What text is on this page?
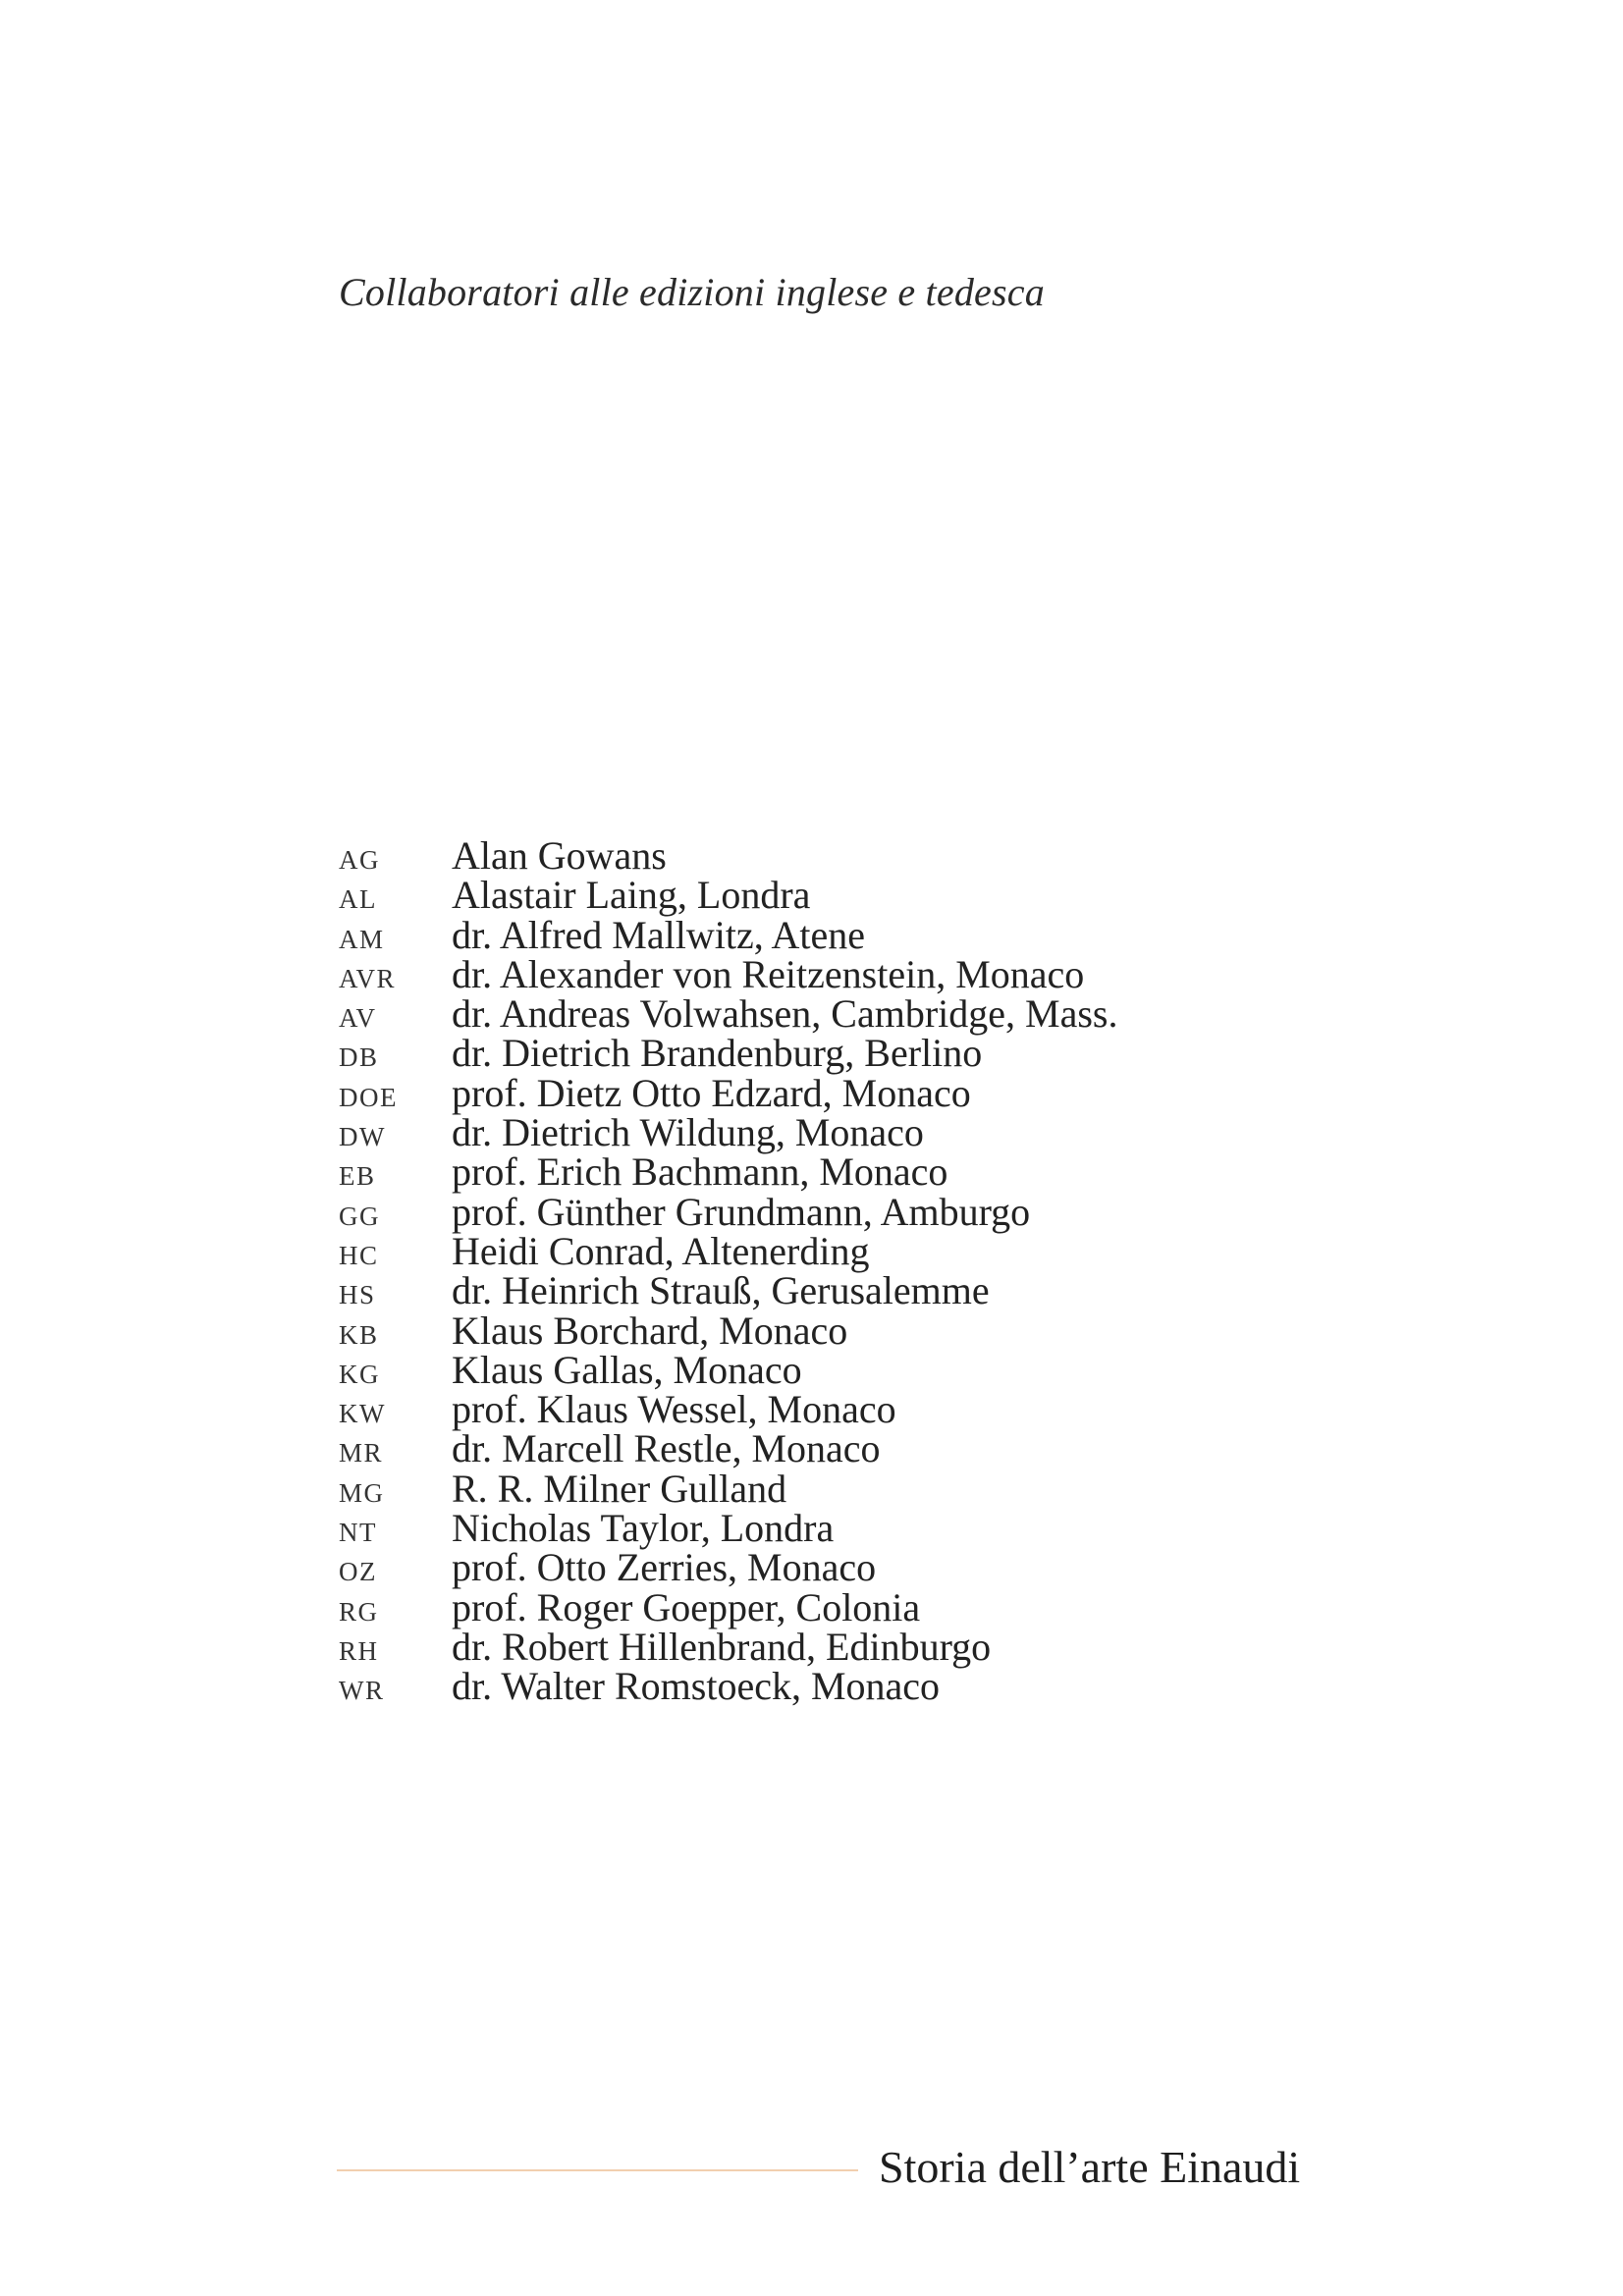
Collaboratori alle edizioni inglese e tedesca
AG	Alan Gowans
AL	Alastair Laing, Londra
AM	dr. Alfred Mallwitz, Atene
AVR	dr. Alexander von Reitzenstein, Monaco
AV	dr. Andreas Volwahsen, Cambridge, Mass.
DB	dr. Dietrich Brandenburg, Berlino
DOE	prof. Dietz Otto Edzard, Monaco
DW	dr. Dietrich Wildung, Monaco
EB	prof. Erich Bachmann, Monaco
GG	prof. Günther Grundmann, Amburgo
HC	Heidi Conrad, Altenerding
HS	dr. Heinrich Strauß, Gerusalemme
KB	Klaus Borchard, Monaco
KG	Klaus Gallas, Monaco
KW	prof. Klaus Wessel, Monaco
MR	dr. Marcell Restle, Monaco
MG	R. R. Milner Gulland
NT	Nicholas Taylor, Londra
OZ	prof. Otto Zerries, Monaco
RG	prof. Roger Goepper, Colonia
RH	dr. Robert Hillenbrand, Edinburgo
WR	dr. Walter Romstoeck, Monaco
Storia dell’arte Einaudi
